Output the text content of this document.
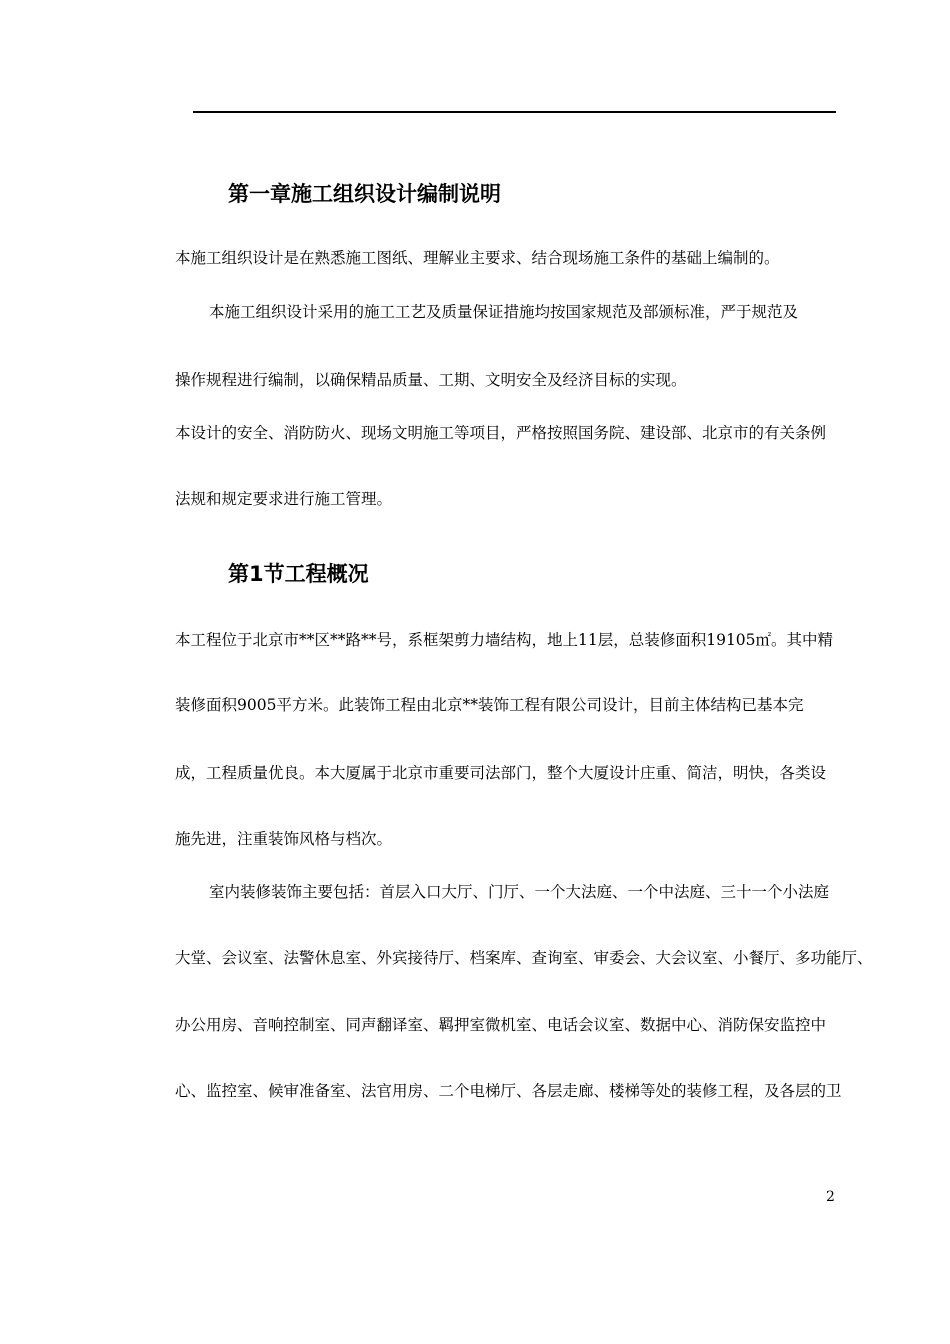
第一章施工组织设计编制说明
本施工组织设计是在熟悉施工图纸、理解业主要求、结合现场施工条件的基础上编制的。
本施工组织设计采用的施工工艺及质量保证措施均按国家规范及部颁标准，严于规范及
操作规程进行编制，以确保精品质量、工期、文明安全及经济目标的实现。
本设计的安全、消防防火、现场文明施工等项目，严格按照国务院、建设部、北京市的有关条例
法规和规定要求进行施工管理。
第1节工程概况
本工程位于北京市**区**路**号，系框架剪力墙结构，地上11层，总装修面积19105㎡。其中精
装修面积9005平方米。此装饰工程由北京**装饰工程有限公司设计，目前主体结构已基本完
成，工程质量优良。本大厦属于北京市重要司法部门，整个大厦设计庄重、简洁，明快，各类设
施先进，注重装饰风格与档次。
室内装修装饰主要包括：首层入口大厅、门厅、一个大法庭、一个中法庭、三十一个小法庭
大堂、会议室、法警休息室、外宾接待厅、档案库、查询室、审委会、大会议室、小餐厅、多功能厅、
办公用房、音响控制室、同声翻译室、羁押室微机室、电话会议室、数据中心、消防保安监控中
心、监控室、候审准备室、法官用房、二个电梯厅、各层走廊、楼梯等处的装修工程，及各层的卫
2
